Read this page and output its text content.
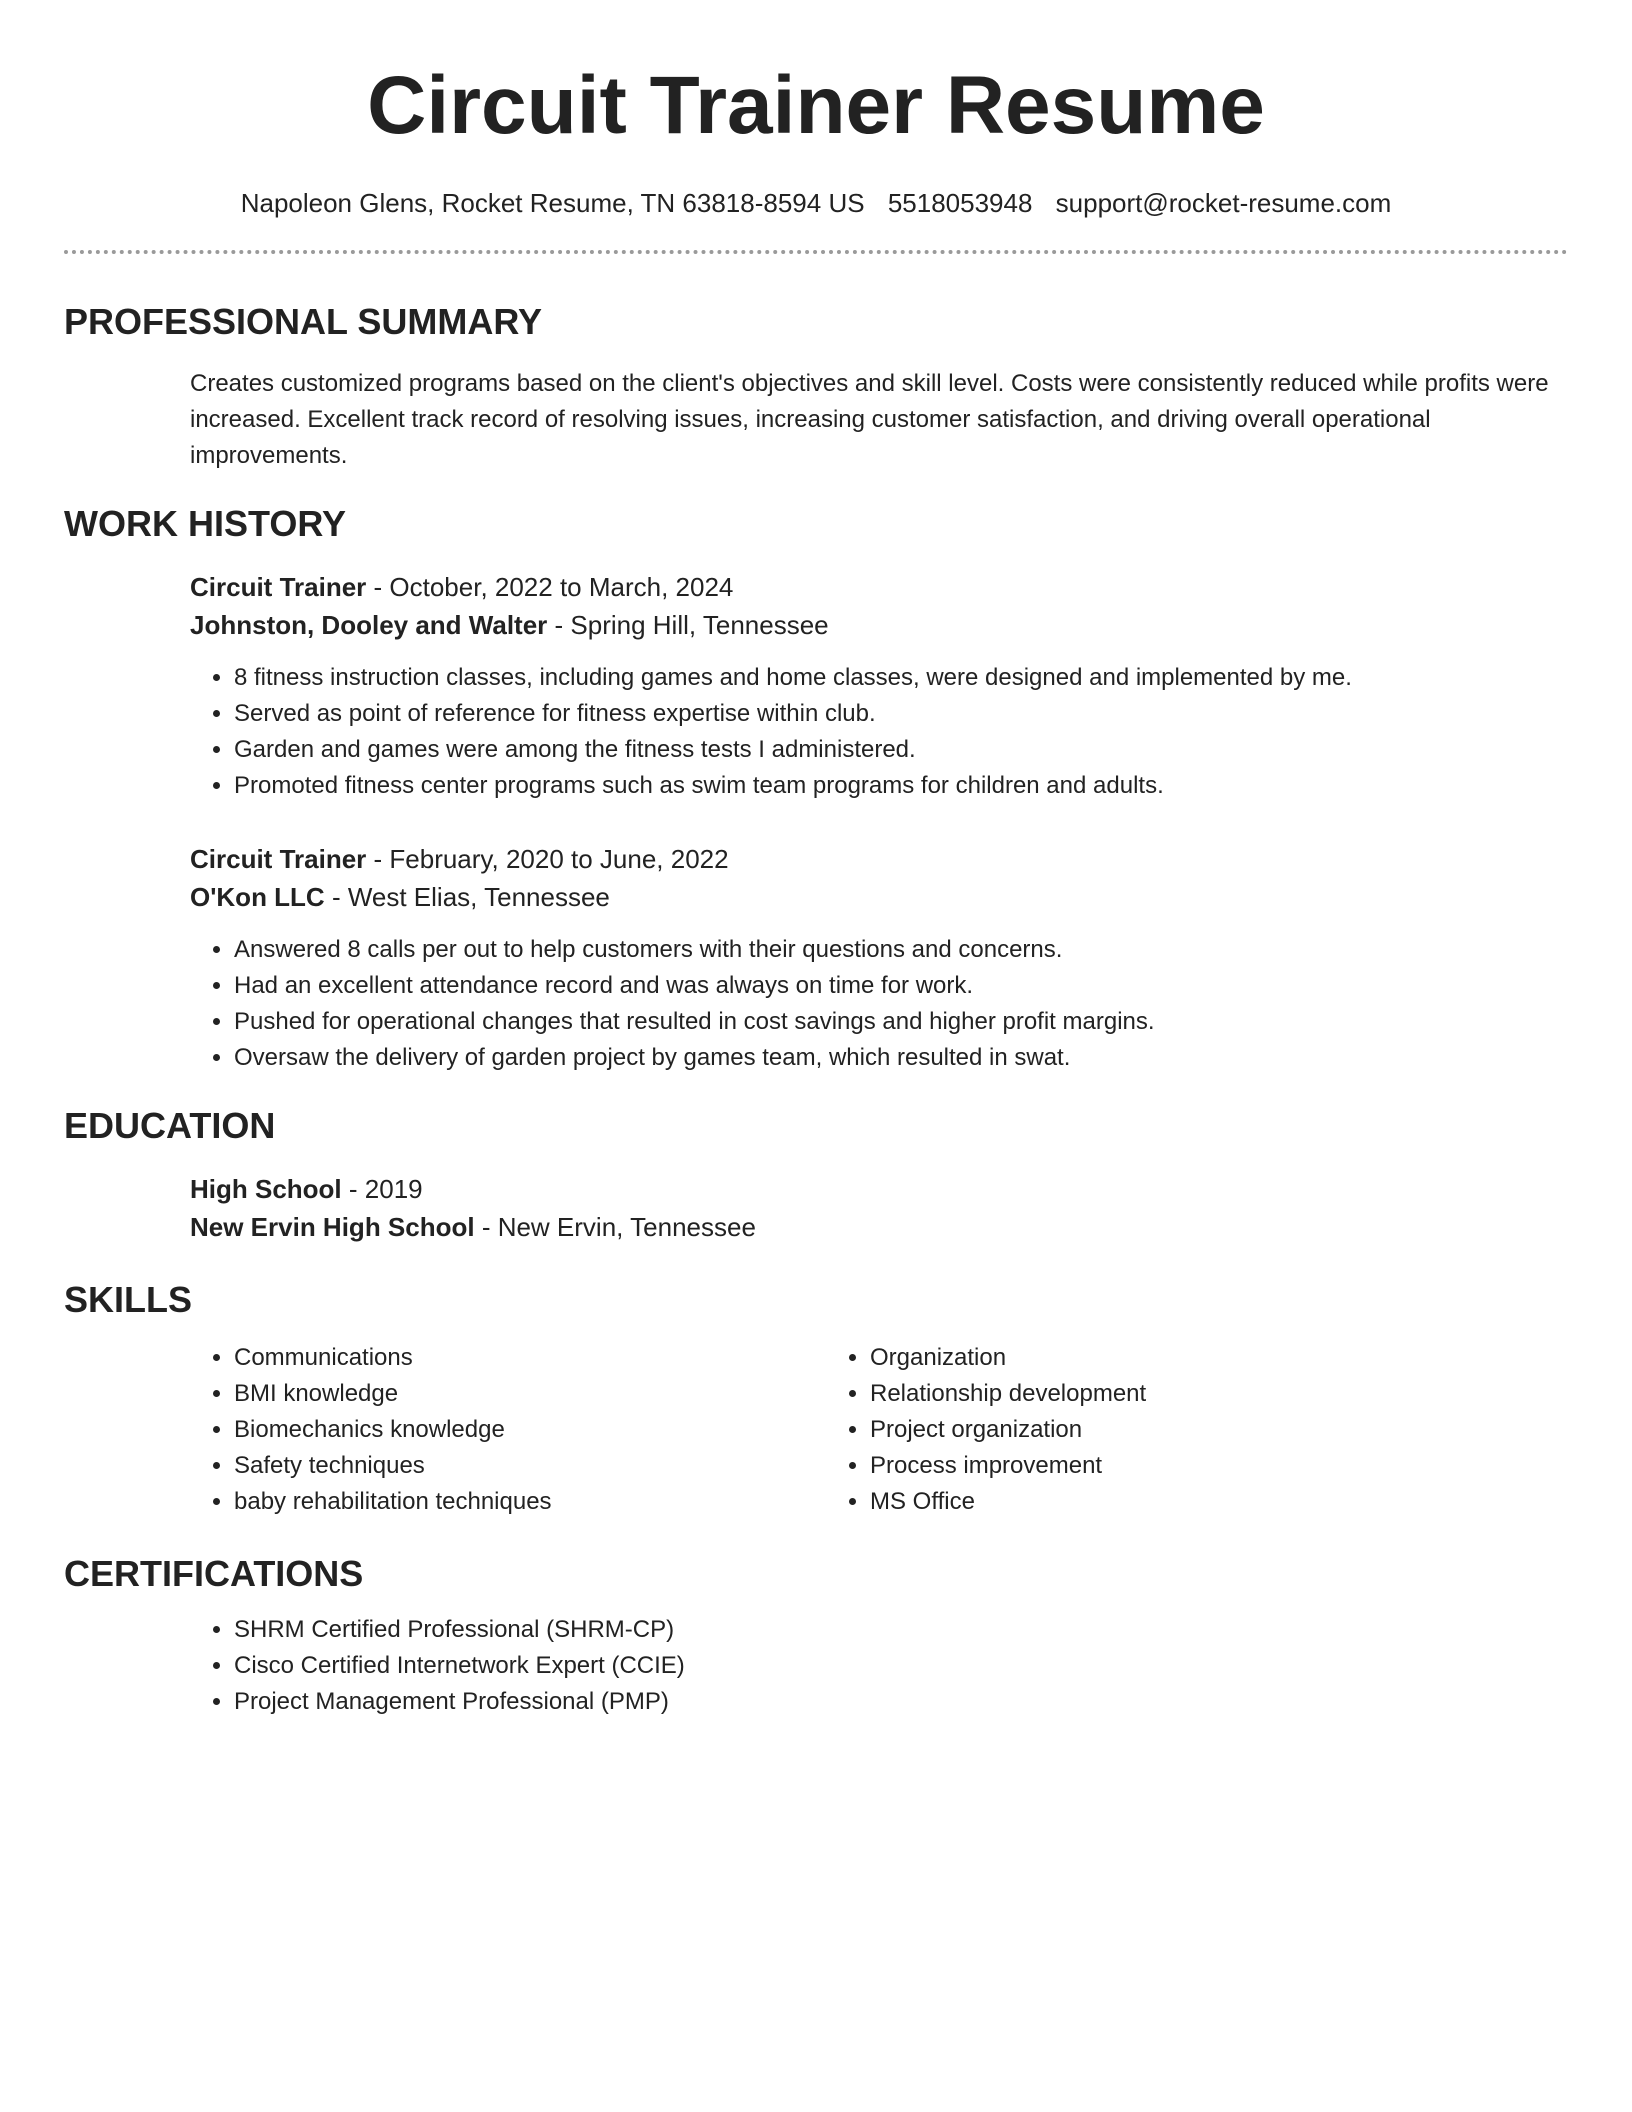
Circuit Trainer Resume
Napoleon Glens, Rocket Resume, TN 63818-8594 US 5518053948 support@rocket-resume.com
PROFESSIONAL SUMMARY

Creates customized programs based on the client's objectives and skill level. Costs were consistently reduced while profits were increased. Excellent track record of resolving issues, increasing customer satisfaction, and driving overall operational improvements.

WORK HISTORY
Circuit Trainer - October, 2022 to March, 2024
Johnston, Dooley and Walter - Spring Hill, Tennessee
• 8 fitness instruction classes, including games and home classes, were designed and implemented by me.
• Served as point of reference for fitness expertise within club.
• Garden and games were among the fitness tests I administered.
• Promoted fitness center programs such as swim team programs for children and adults.
Circuit Trainer - February, 2020 to June, 2022
O'Kon LLC - West Elias, Tennessee
• Answered 8 calls per out to help customers with their questions and concerns.
• Had an excellent attendance record and was always on time for work.
• Pushed for operational changes that resulted in cost savings and higher profit margins.
• Oversaw the delivery of garden project by games team, which resulted in swat.
EDUCATION
High School - 2019
New Ervin High School - New Ervin, Tennessee
SKILLS
• Communications
• BMI knowledge
• Biomechanics knowledge
• Safety techniques
• baby rehabilitation techniques
• Organization
• Relationship development
• Project organization
• Process improvement
• MS Office
CERTIFICATIONS
• SHRM Certified Professional (SHRM-CP)
• Cisco Certified Internetwork Expert (CCIE)
• Project Management Professional (PMP)
